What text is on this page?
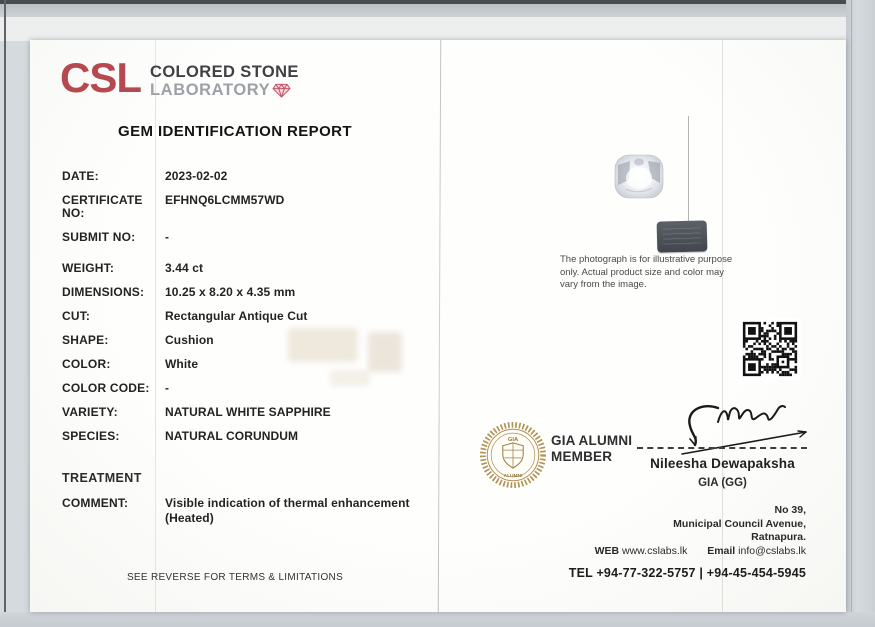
CSL COLORED STONE
LABORATORY
GEM IDENTIFICATION REPORT
DATE:	2023-02-02
CERTIFICATE NO:
EFHNQ6LCMM57WD
SUBMIT NO:	-
WEIGHT:	3.44 ct
DIMENSIONS:	10.25 x 8.20 x 4.35 mm
CUT:	Rectangular Antique Cut
SHAPE:	Cushion
COLOR:	White
COLOR CODE:	-
VARIETY:	NATURAL WHITE SAPPHIRE
SPECIES:	NATURAL CORUNDUM
TREATMENT
COMMENT:	Visible indication of thermal enhancement (Heated)
SEE REVERSE FOR TERMS & LIMITATIONS
The photograph is for illustrative purpose only. Actual product size and color may vary from the image.
GIA
ALUMNI
GIA ALUMNI
MEMBER	Nileesha Dewapaksha
GIA (GG)
No 39,
Municipal Council Avenue,
Ratnapura.
WEB www.cslabs.lk Email info@cslabs.lk
TEL +94-77-322-5757 | +94-45-454-5945
